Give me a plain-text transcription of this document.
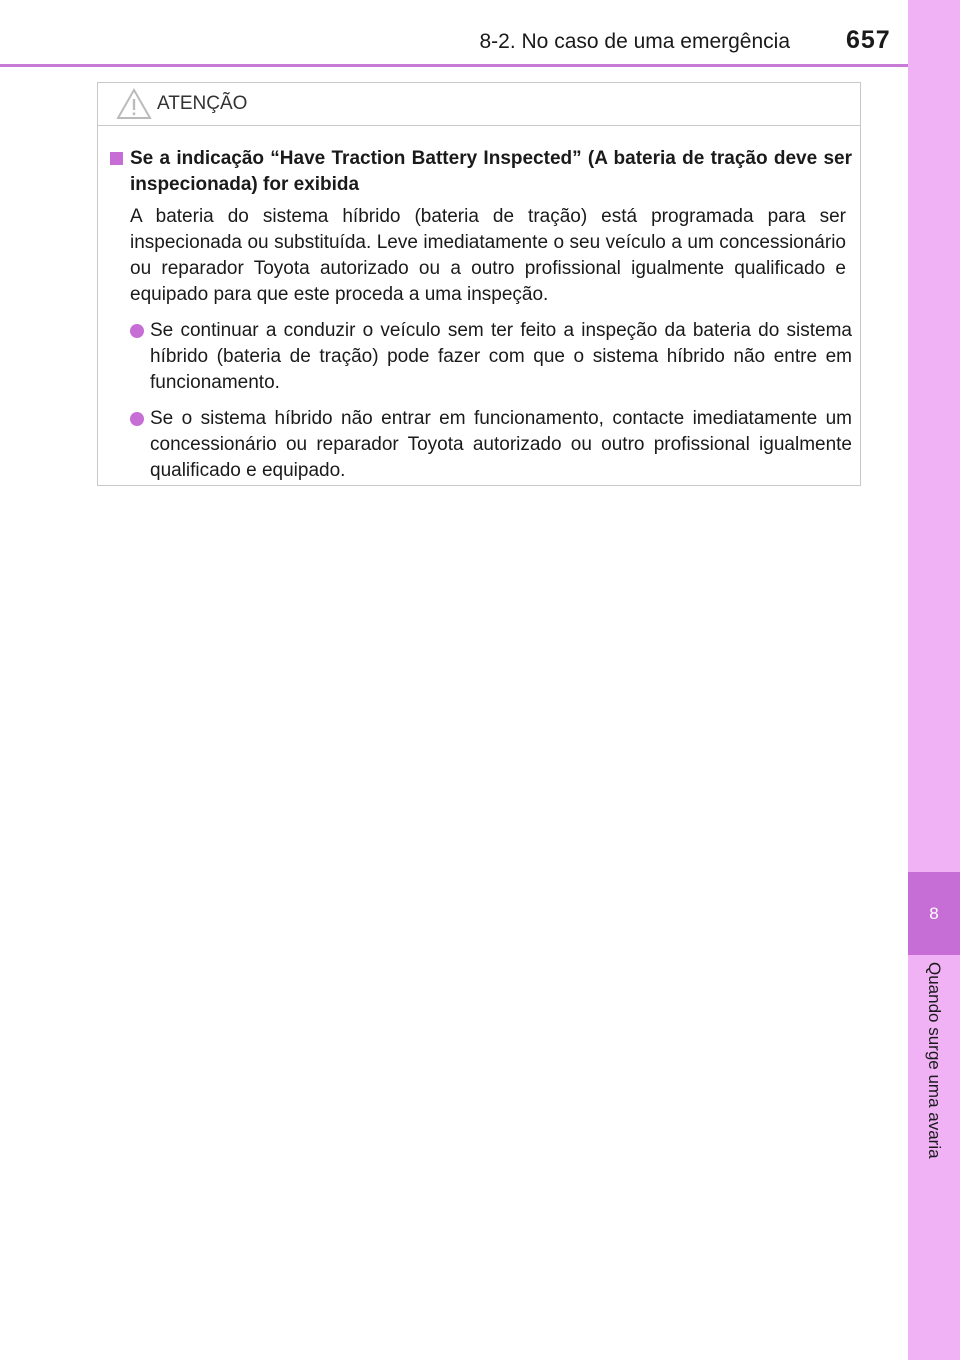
8-2. No caso de uma emergência 657
8
Quando surge uma avaria
ATENÇÃO
Se a indicação “Have Traction Battery Inspected” (A bateria de tração deve ser inspecionada) for exibida
A bateria do sistema híbrido (bateria de tração) está programada para ser inspecionada ou substituída. Leve imediatamente o seu veículo a um concessionário ou reparador Toyota autorizado ou a outro profissional igualmente qualificado e equipado para que este proceda a uma inspeção.
Se continuar a conduzir o veículo sem ter feito a inspeção da bateria do sistema híbrido (bateria de tração) pode fazer com que o sistema híbrido não entre em funcionamento.
Se o sistema híbrido não entrar em funcionamento, contacte imediatamente um concessionário ou reparador Toyota autorizado ou outro profissional igualmente qualificado e equipado.
